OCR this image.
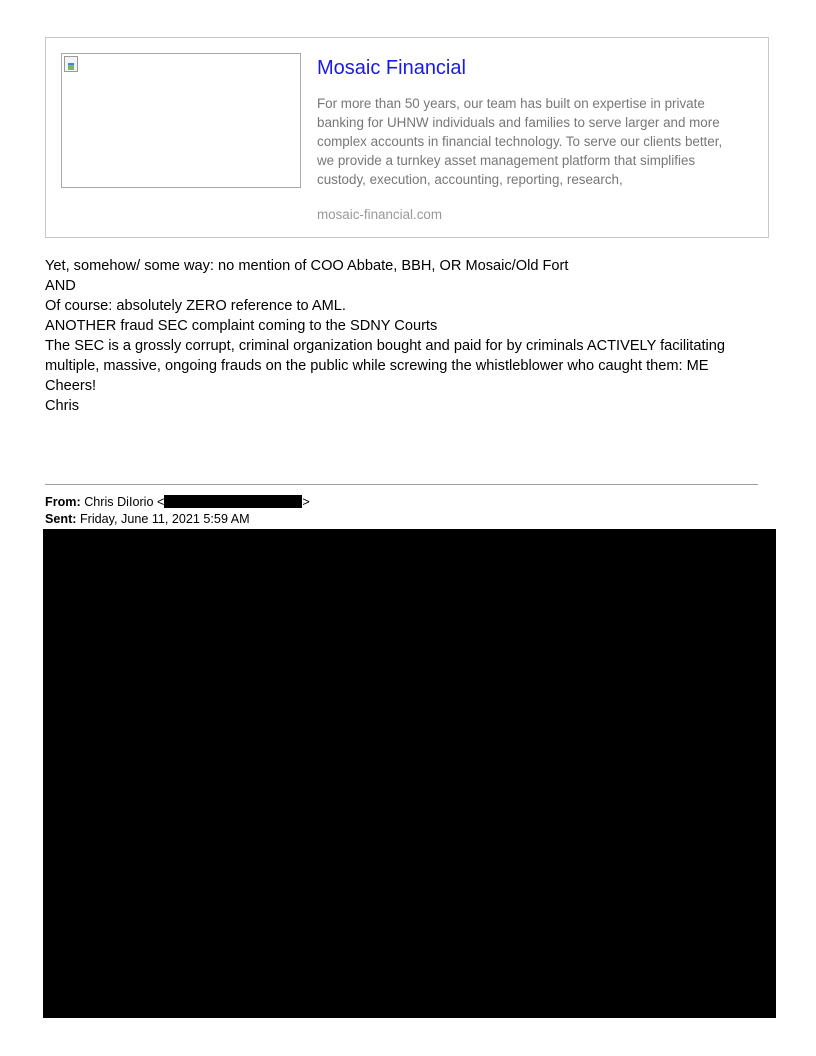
Mosaic Financial
For more than 50 years, our team has built on expertise in private banking for UHNW individuals and families to serve larger and more complex accounts in financial technology. To serve our clients better, we provide a turnkey asset management platform that simplifies custody, execution, accounting, reporting, research,
mosaic-financial.com

Yet, somehow/ some way: no mention of COO Abbate, BBH, OR Mosaic/Old Fort

AND

Of course: absolutely ZERO reference to AML.

ANOTHER fraud SEC complaint coming to the SDNY Courts

The SEC is a grossly corrupt, criminal organization bought and paid for by criminals ACTIVELY facilitating multiple, massive, ongoing frauds on the public while screwing the whistleblower who caught them: ME

Cheers!

Chris

From: Chris DiIorio <	>
Sent: Friday, June 11, 2021 5:59 AM
